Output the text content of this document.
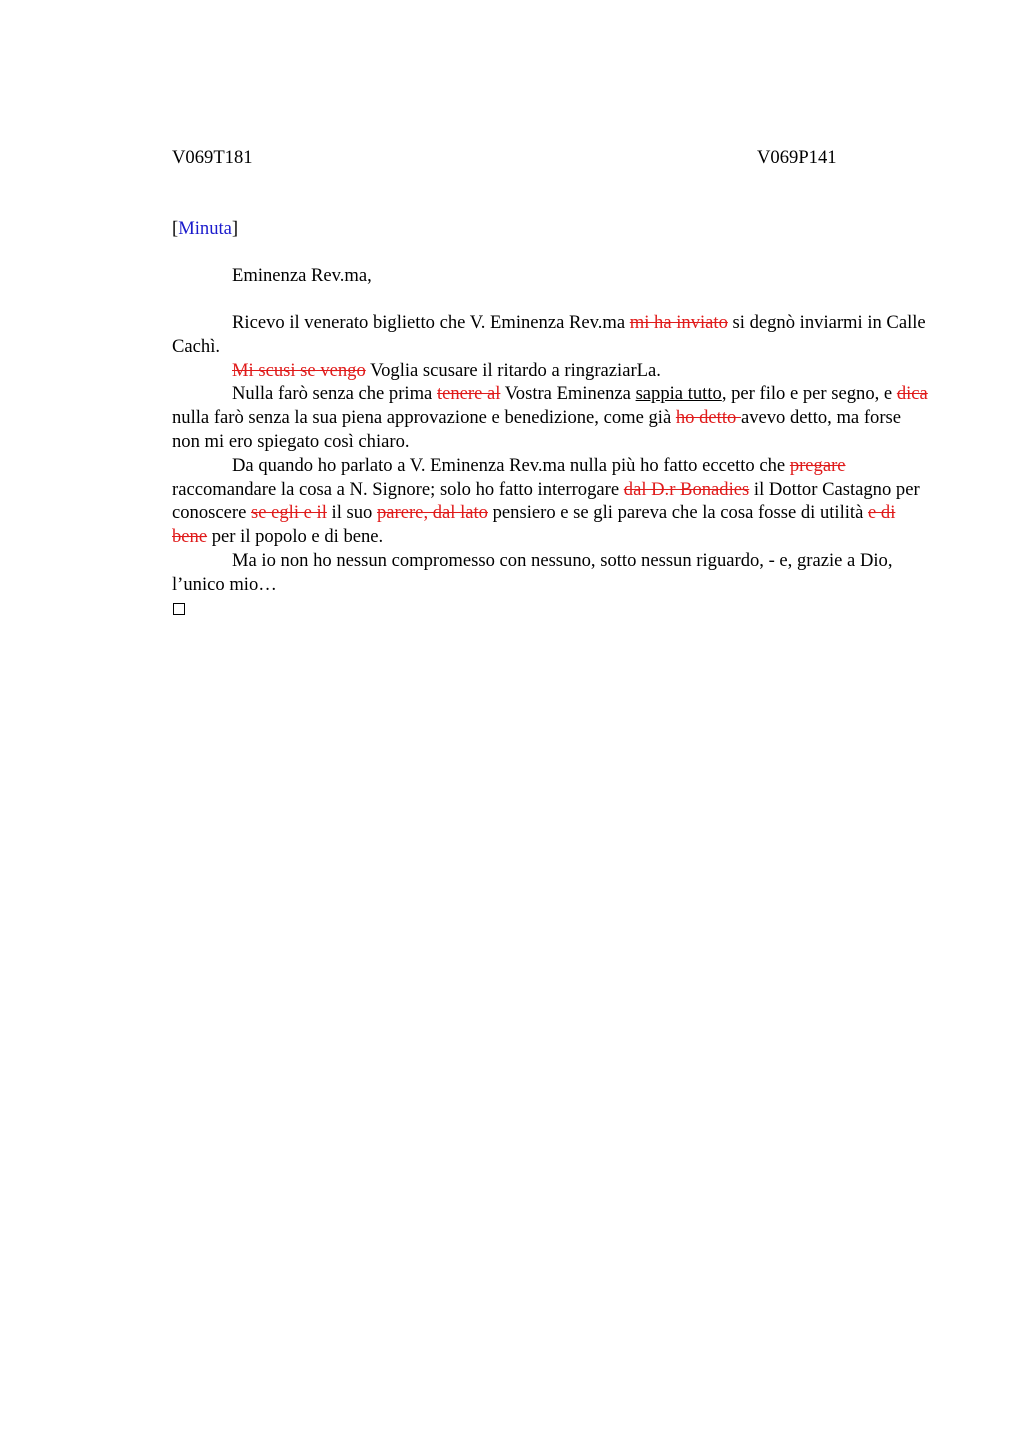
V069T181	V069P141
[Minuta]
Eminenza Rev.ma,

Ricevo il venerato biglietto che V. Eminenza Rev.ma mi ha inviato si degnò inviarmi in Calle Cachì.

Mi scusi se vengo Voglia scusare il ritardo a ringraziarLa.

Nulla farò senza che prima tenere al Vostra Eminenza sappia tutto, per filo e per segno, e dica nulla farò senza la sua piena approvazione e benedizione, come già ho detto avevo detto, ma forse non mi ero spiegato così chiaro.

Da quando ho parlato a V. Eminenza Rev.ma nulla più ho fatto eccetto che pregare raccomandare la cosa a N. Signore; solo ho fatto interrogare dal D.r Bonadies il Dottor Castagno per conoscere se egli e il il suo parere, dal lato pensiero e se gli pareva che la cosa fosse di utilità e di bene per il popolo e di bene.

Ma io non ho nessun compromesso con nessuno, sotto nessun riguardo, - e, grazie a Dio, l’unico mio…
